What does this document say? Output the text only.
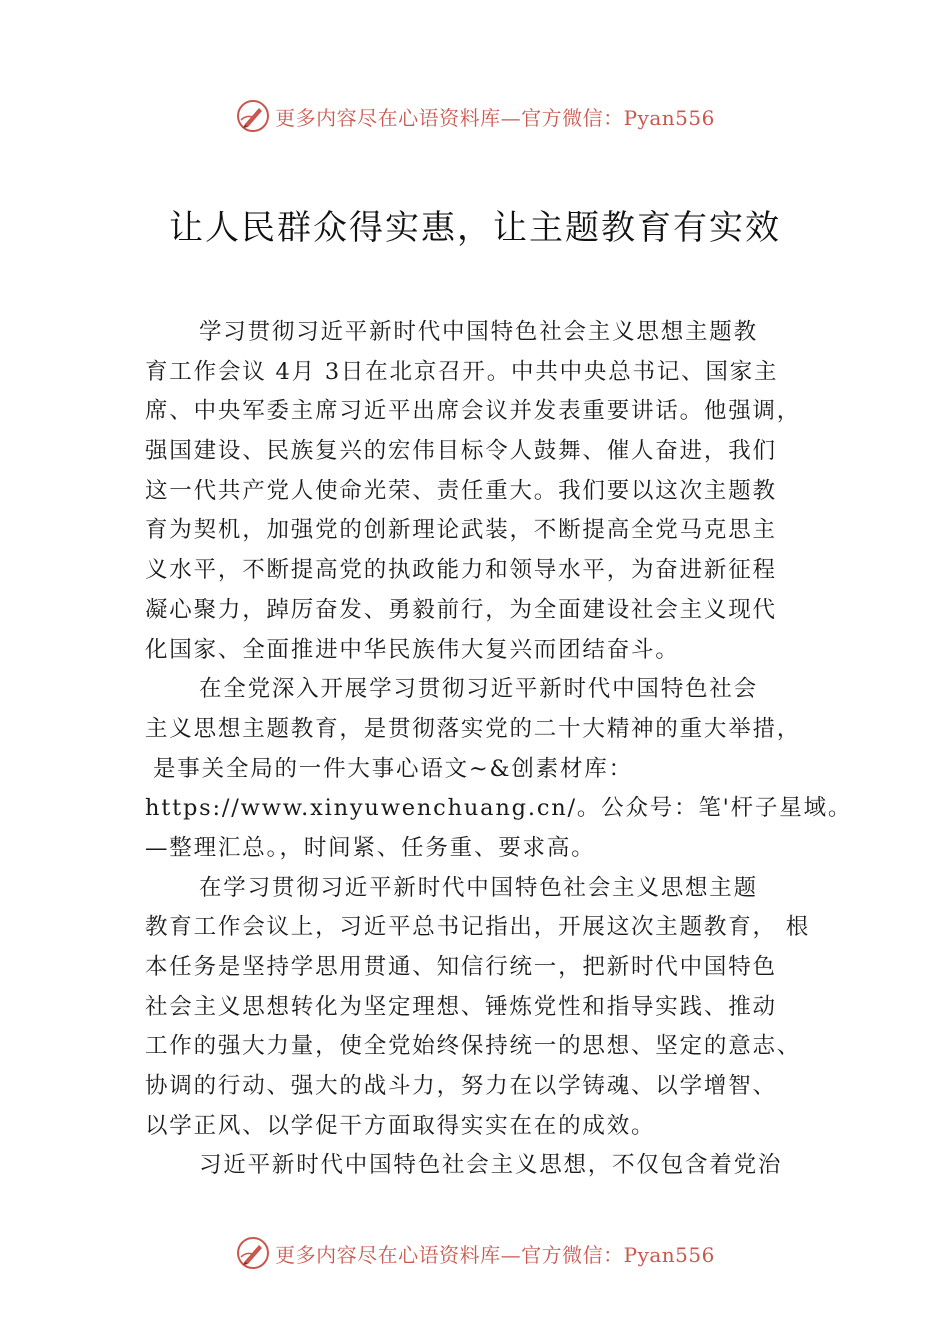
更多内容尽在心语资料库—官方微信：Pyan556
让人民群众得实惠，让主题教育有实效
学习贯彻习近平新时代中国特色社会主义思想主题教
育工作会议 4月 3日在北京召开。中共中央总书记、国家主
席、中央军委主席习近平出席会议并发表重要讲话。他强调，
强国建设、民族复兴的宏伟目标令人鼓舞、催人奋进，我们
这一代共产党人使命光荣、责任重大。我们要以这次主题教
育为契机，加强党的创新理论武装，不断提高全党马克思主
义水平，不断提高党的执政能力和领导水平，为奋进新征程
凝心聚力，踔厉奋发、勇毅前行，为全面建设社会主义现代
化国家、全面推进中华民族伟大复兴而团结奋斗。
在全党深入开展学习贯彻习近平新时代中国特色社会
主义思想主题教育，是贯彻落实党的二十大精神的重大举措，
是事关全局的一件大事心语文~&创素材库：
https://www.xinyuwenchuang.cn/。公众号：笔'杆子星域。
—整理汇总。，时间紧、任务重、要求高。
在学习贯彻习近平新时代中国特色社会主义思想主题
教育工作会议上，习近平总书记指出，开展这次主题教育， 根
本任务是坚持学思用贯通、知信行统一，把新时代中国特色
社会主义思想转化为坚定理想、锤炼党性和指导实践、推动
工作的强大力量，使全党始终保持统一的思想、坚定的意志、
协调的行动、强大的战斗力，努力在以学铸魂、以学增智、
以学正风、以学促干方面取得实实在在的成效。
习近平新时代中国特色社会主义思想，不仅包含着党治
更多内容尽在心语资料库—官方微信：Pyan556
